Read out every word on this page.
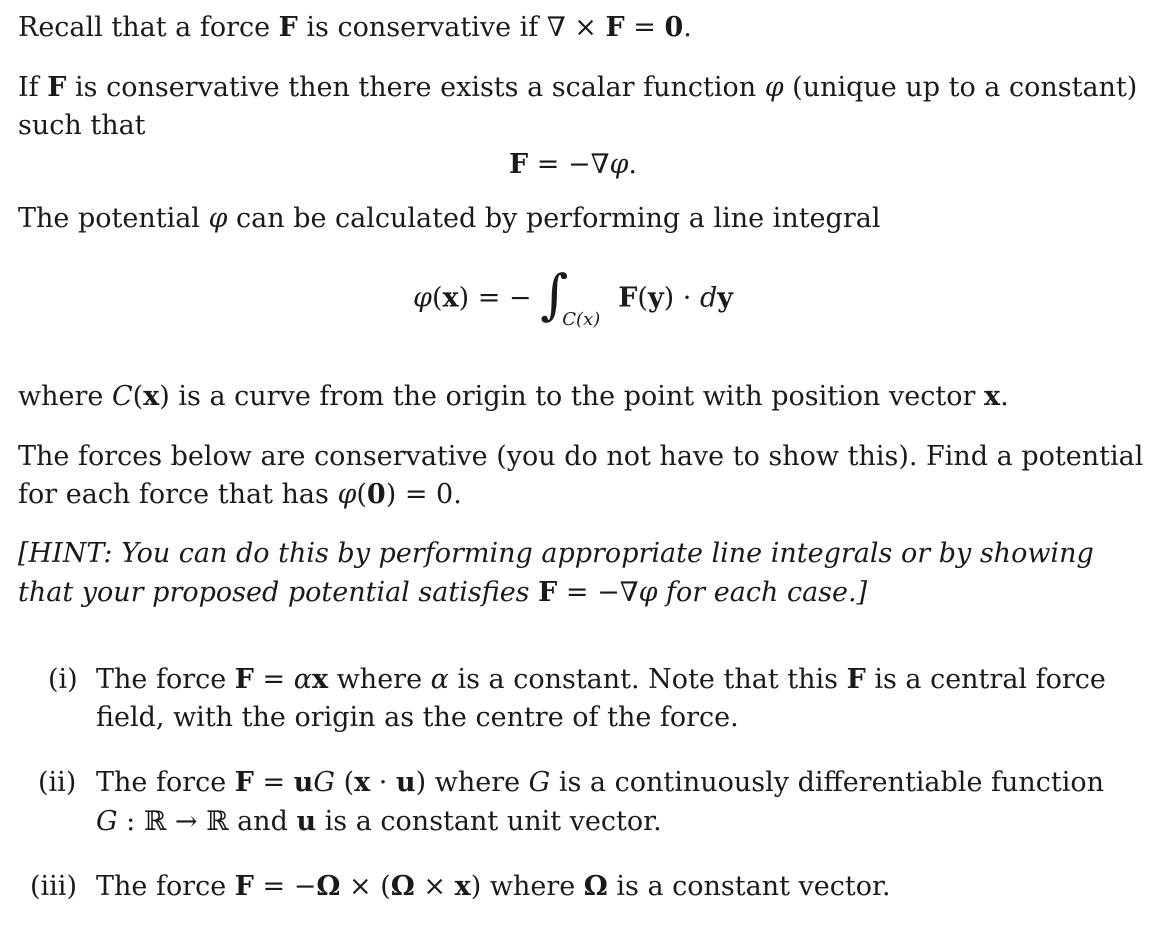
Recall that a force F is conservative if ∇ × F = 0.
If F is conservative then there exists a scalar function φ (unique up to a constant)
such that
F = −∇φ.
The potential φ can be calculated by performing a line integral
φ(x) = − $\int_{C(x)}F(y)$ · dy
where C(x) is a curve from the origin to the point with position vector x.
The forces below are conservative (you do not have to show this). Find a potential
for each force that has φ(0) = 0.
[HINT: You can do this by performing appropriate line integrals or by showing
that your proposed potential satisfies F = −∇φ for each case.]
(i) The force F = αx where α is a constant. Note that this F is a central force
field, with the origin as the centre of the force.
(ii) The force F = uG (x · u) where G is a continuously differentiable function
G : ℝ → ℝ and u is a constant unit vector.
(iii) The force F = −Ω × (Ω × x) where Ω is a constant vector.
